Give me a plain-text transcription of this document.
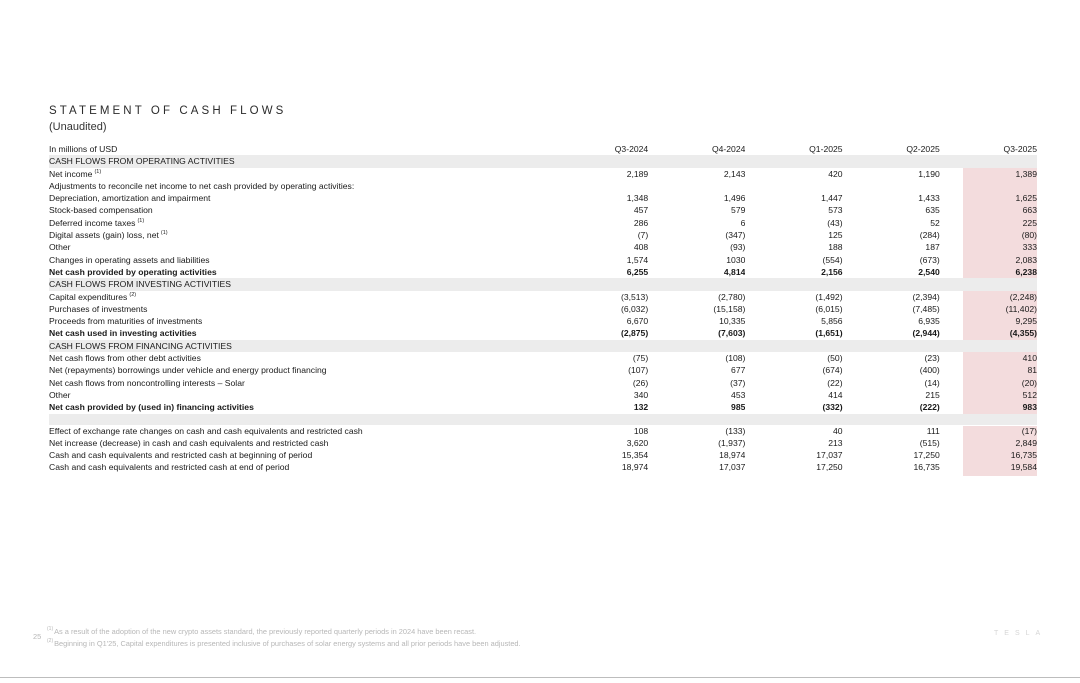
STATEMENT OF CASH FLOWS
(Unaudited)
In millions of USD	Q3-2024		Q4-2024		Q1-2025		Q2-2025		Q3-2025
CASH FLOWS FROM OPERATING ACTIVITIES									
Net income $^{(1)}$	2,189		2,143		420		1,190		1,389
Adjustments to reconcile net income to net cash provided by operating activities:									
Depreciation, amortization and impairment	1,348		1,496		1,447		1,433		1,625
Stock-based compensation	457		579		573		635		663
Deferred income taxes $^{(1)}$	286		6		(43)		52		225
Digital assets (gain) loss, net $^{(1)}$	(7)		(347)		125		(284)		(80)
Other	408		(93)		188		187		333
Changes in operating assets and liabilities	1,574		1030		(554)		(673)		2,083
Net cash provided by operating activities	6,255		4,814		2,156		2,540		6,238
CASH FLOWS FROM INVESTING ACTIVITIES									
Capital expenditures $^{(2)}$	(3,513)		(2,780)		(1,492)		(2,394)		(2,248)
Purchases of investments	(6,032)		(15,158)		(6,015)		(7,485)		(11,402)
Proceeds from maturities of investments	6,670		10,335		5,856		6,935		9,295
Net cash used in investing activities	(2,875)		(7,603)		(1,651)		(2,944)		(4,355)
CASH FLOWS FROM FINANCING ACTIVITIES									
Net cash flows from other debt activities	(75)		(108)		(50)		(23)		410
Net (repayments) borrowings under vehicle and energy product financing	(107)		677		(674)		(400)		81
Net cash flows from noncontrolling interests – Solar	(26)		(37)		(22)		(14)		(20)
Other	340		453		414		215		512
Net cash provided by (used in) financing activities	132		985		(332)		(222)		983

Effect of exchange rate changes on cash and cash equivalents and restricted cash	108		(133)		40		111		(17)
Net increase (decrease) in cash and cash equivalents and restricted cash	3,620		(1,937)		213		(515)		2,849
Cash and cash equivalents and restricted cash at beginning of period	15,354		18,974		17,037		17,250		16,735
Cash and cash equivalents and restricted cash at end of period	18,974		17,037		17,250		16,735		19,584
25
$^{(1)}$As a result of the adoption of the new crypto assets standard, the previously reported quarterly periods in 2024 have been recast.
$^{(2)}$Beginning in Q1'25, Capital expenditures is presented inclusive of purchases of solar energy systems and all prior periods have been adjusted.
TESLA
